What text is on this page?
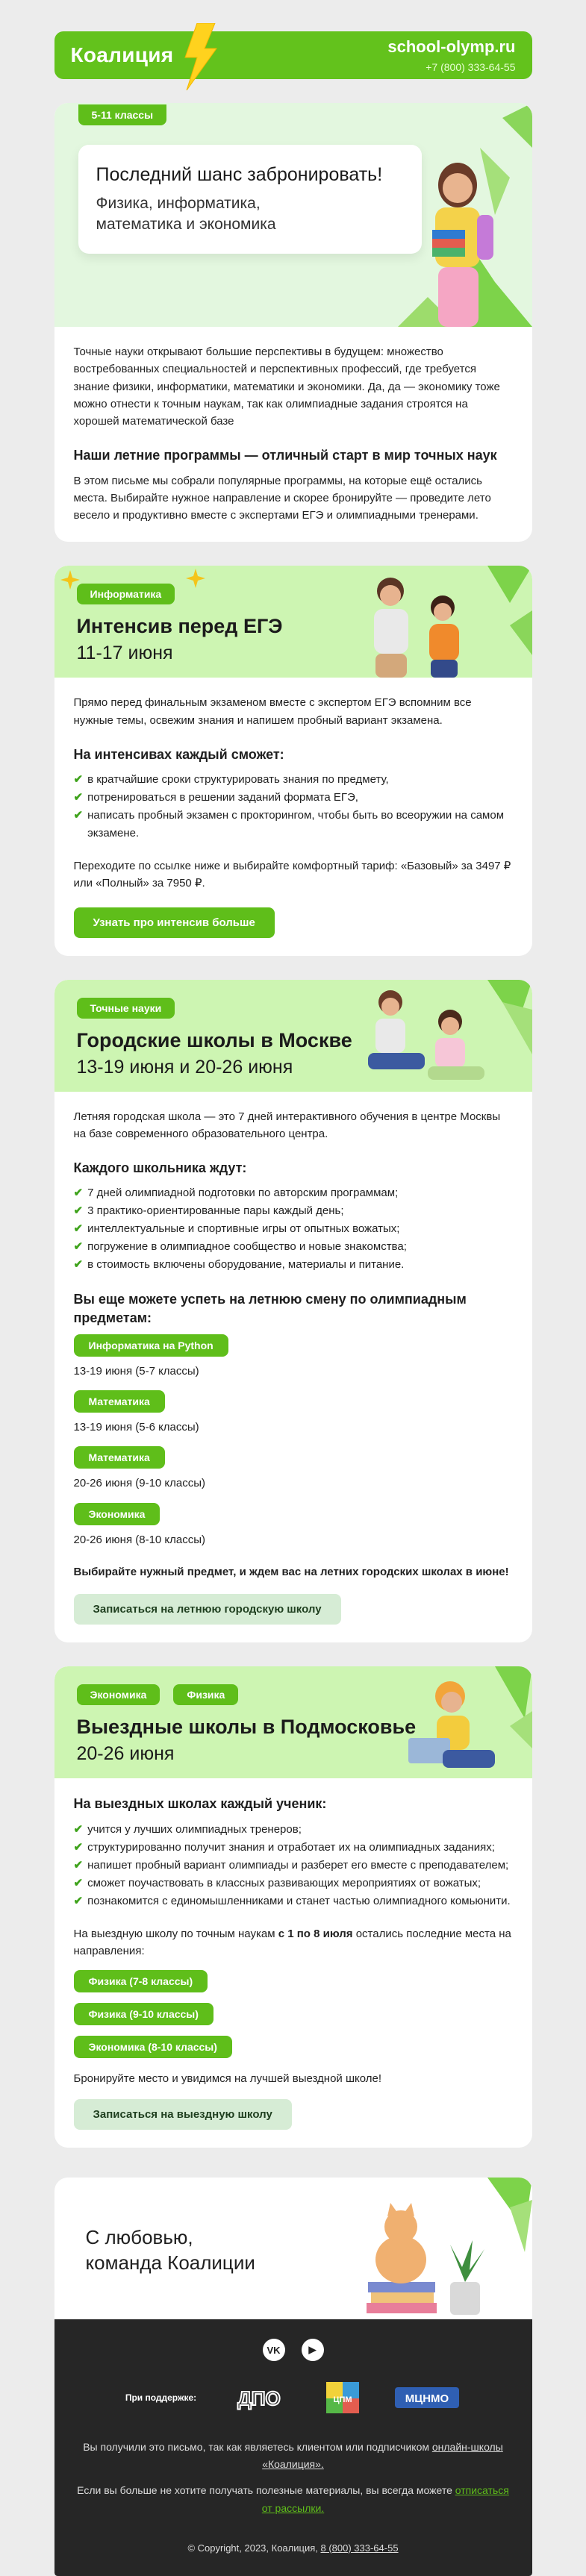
Коалиция	school-olymp.ru
+7 (800) 333-64-55
5-11 классы
Последний шанс забронировать!
Физика, информатика,
математика и экономика

Точные науки открывают большие перспективы в будущем: множество востребованных специальностей и перспективных профессий, где требуется знание физики, информатики, математики и экономики. Да, да — экономику тоже можно отнести к точным наукам, так как олимпиадные задания строятся на хорошей математической базе

Наши летние программы — отличный старт в мир точных наук

В этом письме мы собрали популярные программы, на которые ещё остались места. Выбирайте нужное направление и скорее бронируйте — проведите лето весело и продуктивно вместе с экспертами ЕГЭ и олимпиадными тренерами.

Информатика
Интенсив перед ЕГЭ
11-17 июня

Прямо перед финальным экзаменом вместе с экспертом ЕГЭ вспомним все нужные темы, освежим знания и напишем пробный вариант экзамена.

На интенсивах каждый сможет:
✔ в кратчайшие сроки структурировать знания по предмету,
✔ потренироваться в решении заданий формата ЕГЭ,
✔ написать пробный экзамен с прокторингом, чтобы быть во всеоружии на самом экзамене.

Переходите по ссылке ниже и выбирайте комфортный тариф: «Базовый» за 3497 ₽ или «Полный» за 7950 ₽.

Узнать про интенсив больше
Точные науки
Городские школы в Москве
13-19 июня и 20-26 июня

Летняя городская школа — это 7 дней интерактивного обучения в центре Москвы на базе современного образовательного центра.

Каждого школьника ждут:
✔ 7 дней олимпиадной подготовки по авторским программам;
✔ 3 практико-ориентированные пары каждый день;
✔ интеллектуальные и спортивные игры от опытных вожатых;
✔ погружение в олимпиадное сообщество и новые знакомства;
✔ в стоимость включены оборудование, материалы и питание.
Вы еще можете успеть на летнюю смену по олимпиадным предметам:
Информатика на Python

13-19 июня (5-7 классы)

Математика

13-19 июня (5-6 классы)

Математика

20-26 июня (9-10 классы)

Экономика

20-26 июня (8-10 классы)

Выбирайте нужный предмет, и ждем вас на летних городских школах в июне!

Записаться на летнюю городскую школу
Экономика	Физика
Выездные школы в Подмосковье
20-26 июня
На выездных школах каждый ученик:
✔ учится у лучших олимпиадных тренеров;
✔ структурированно получит знания и отработает их на олимпиадных заданиях;
✔ напишет пробный вариант олимпиады и разберет его вместе с преподавателем;
✔ сможет поучаствовать в классных развивающих мероприятиях от вожатых;
✔ познакомится с единомышленниками и станет частью олимпиадного комьюнити.

На выездную школу по точным наукам с 1 по 8 июля остались последние места на направления:

Физика (7-8 классы)
Физика (9-10 классы)
Экономика (8-10 классы)

Бронируйте место и увидимся на лучшей выездной школе!

Записаться на выездную школу
С любовью,
команда Коалиции
VK	▶
При поддержке: ДПО	ЦПМ	МЦНМО

Вы получили это письмо, так как являетесь клиентом или подписчиком онлайн-школы «Коалиция».

Если вы больше не хотите получать полезные материалы, вы всегда можете отписаться от рассылки.

© Copyright, 2023, Коалиция, 8 (800) 333-64-55
